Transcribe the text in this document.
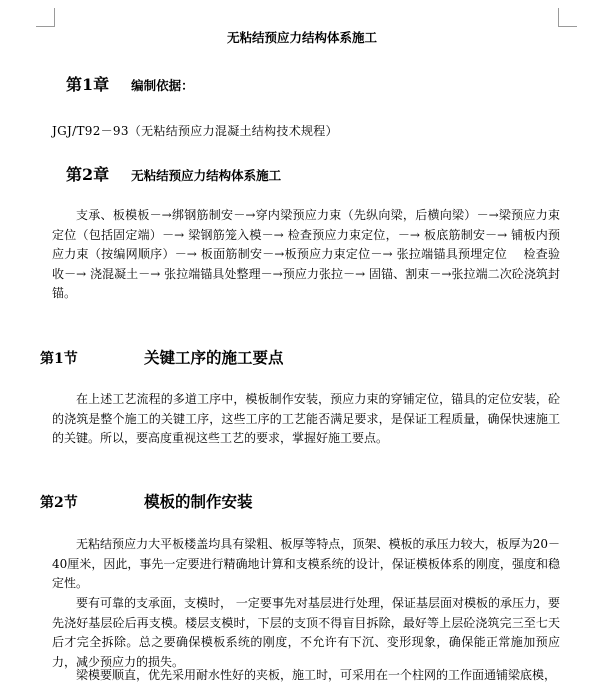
无粘结预应力结构体系施工
第1章 编制依据：
JGJ/T92－93（无粘结预应力混凝土结构技术规程）
第2章 无粘结预应力结构体系施工
支承、板模板－→绑钢筋制安－→穿内梁预应力束（先纵向梁，后横向梁）－→梁预应力束定位（包括固定端）－→ 梁钢筋笼入模－→ 检查预应力束定位，－→ 板底筋制安－→ 铺板内预应力束（按编网顺序）－→ 板面筋制安－→板预应力束定位－→ 张拉端锚具预埋定位　 检查验收－→ 浇混凝土－→ 张拉端锚具处整理－→预应力张拉－→ 固锚、割束－→张拉端二次砼浇筑封锚。
第1节	关键工序的施工要点
在上述工艺流程的多道工序中，模板制作安装，预应力束的穿铺定位，锚具的定位安装，砼的浇筑是整个施工的关键工序，这些工序的工艺能否满足要求，是保证工程质量，确保快速施工的关键。所以，要高度重视这些工艺的要求，掌握好施工要点。
第2节	模板的制作安装
无粘结预应力大平板楼盖均具有梁粗、板厚等特点，顶架、模板的承压力较大，板厚为20－40厘米，因此，事先一定要进行精确地计算和支模系统的设计，保证模板体系的刚度，强度和稳定性。
要有可靠的支承面，支模时， 一定要事先对基层进行处理，保证基层面对模板的承压力，要先浇好基层砼后再支模。楼层支模时，下层的支顶不得盲目拆除，最好等上层砼浇筑完三至七天后才完全拆除。总之要确保模板系统的刚度，不允许有下沉、变形现象，确保能正常施加预应力，减少预应力的损失。
梁模要顺直，优先采用耐水性好的夹板，施工时，可采用在一个柱网的工作面通铺梁底模，
